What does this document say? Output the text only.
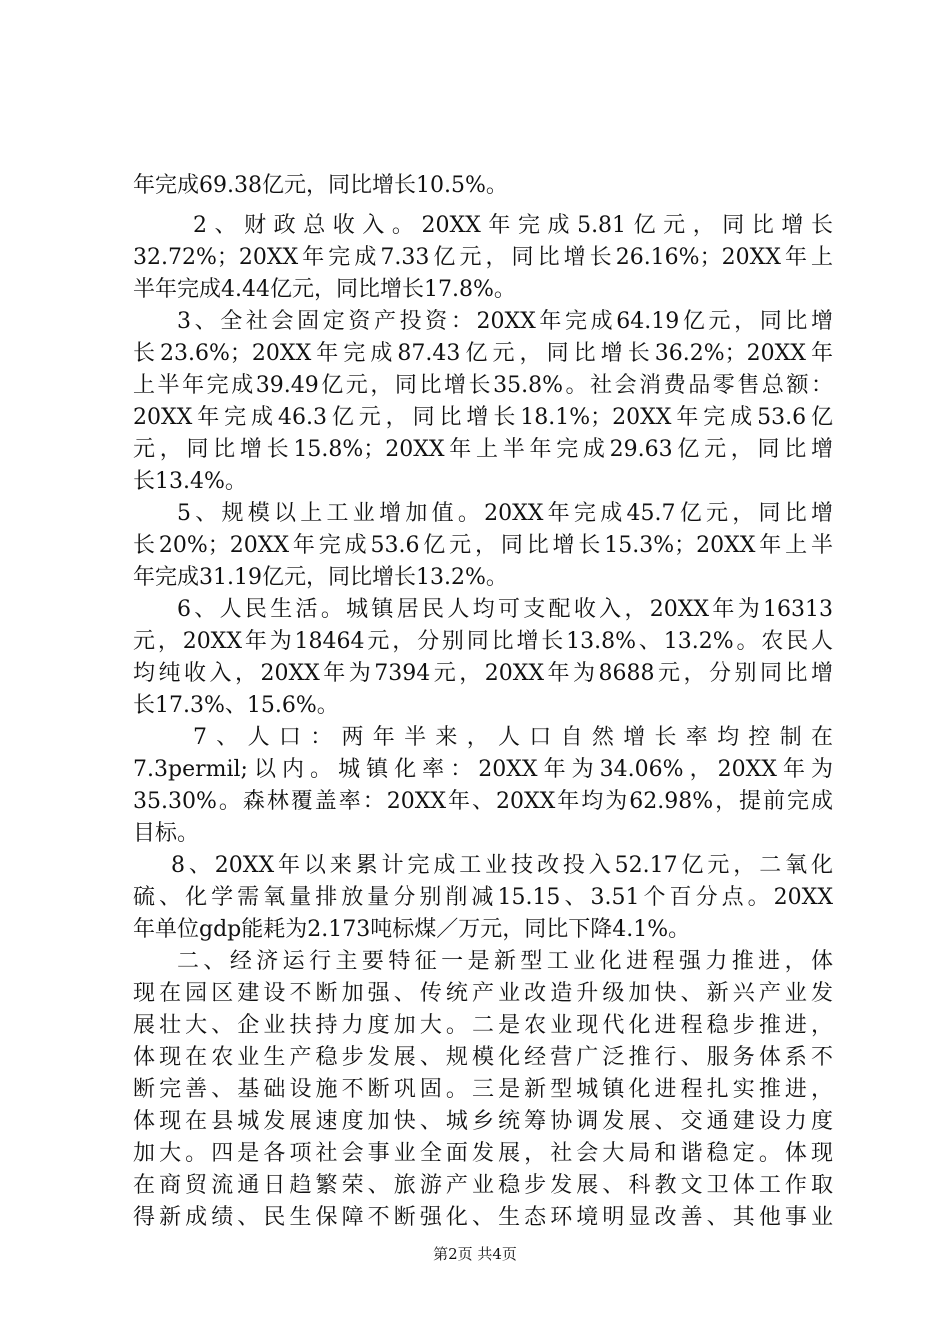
年完成69.38亿元，同比增长10.5%。
2、财政总收入。20XX年完成5.81亿元，同比增长
32.72%；20XX年完成7.33亿元，同比增长26.16%；20XX年上
半年完成4.44亿元，同比增长17.8%。
3、全社会固定资产投资：20XX年完成64.19亿元，同比增
长23.6%；20XX年完成87.43亿元，同比增长36.2%；20XX年
上半年完成39.49亿元，同比增长35.8%。社会消费品零售总额：
20XX年完成46.3亿元，同比增长18.1%；20XX年完成53.6亿
元，同比增长15.8%；20XX年上半年完成29.63亿元，同比增
长13.4%。
5、规模以上工业增加值。20XX年完成45.7亿元，同比增
长20%；20XX年完成53.6亿元，同比增长15.3%；20XX年上半
年完成31.19亿元，同比增长13.2%。
6、人民生活。城镇居民人均可支配收入，20XX年为16313
元，20XX年为18464元，分别同比增长13.8%、13.2%。农民人
均纯收入，20XX年为7394元，20XX年为8688元，分别同比增
长17.3%、15.6%。
7、人口：两年半来，人口自然增长率均控制在
7.3permil;以内。城镇化率：20XX年为34.06%，20XX年为
35.30%。森林覆盖率：20XX年、20XX年均为62.98%，提前完成
目标。
8、20XX年以来累计完成工业技改投入52.17亿元，二氧化
硫、化学需氧量排放量分别削减15.15、3.51个百分点。20XX
年单位gdp能耗为2.173吨标煤／万元，同比下降4.1%。
二、经济运行主要特征一是新型工业化进程强力推进，体
现在园区建设不断加强、传统产业改造升级加快、新兴产业发
展壮大、企业扶持力度加大。二是农业现代化进程稳步推进，
体现在农业生产稳步发展、规模化经营广泛推行、服务体系不
断完善、基础设施不断巩固。三是新型城镇化进程扎实推进，
体现在县城发展速度加快、城乡统筹协调发展、交通建设力度
加大。四是各项社会事业全面发展，社会大局和谐稳定。体现
在商贸流通日趋繁荣、旅游产业稳步发展、科教文卫体工作取
得新成绩、民生保障不断强化、生态环境明显改善、其他事业
第2页 共4页
